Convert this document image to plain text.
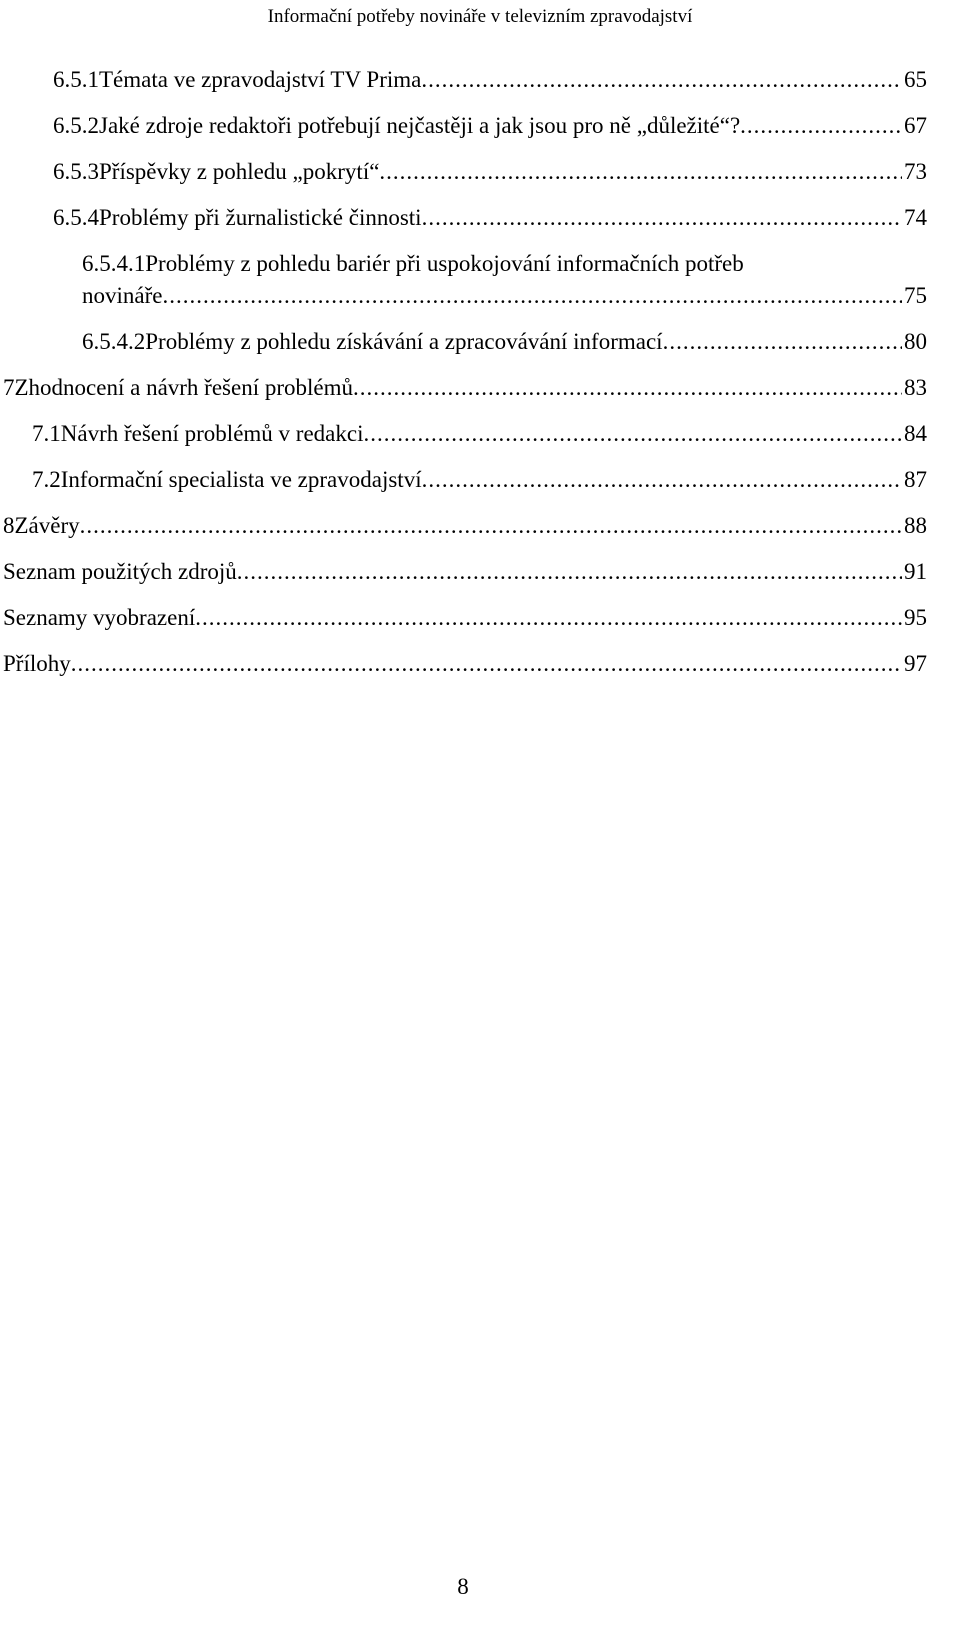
Informační potřeby novináře v televizním zpravodajství
6.5.1Témata ve zpravodajství TV Prima .....	65
6.5.2Jaké zdroje redaktoři potřebují nejčastěji a jak jsou pro ně „důležité“? .....	67
6.5.3Příspěvky z pohledu „pokrytí“ .....	73
6.5.4Problémy při žurnalistické činnosti .....	74
6.5.4.1Problémy z pohledu bariér při uspokojování informačních potřeb
novináře .....	75
6.5.4.2Problémy z pohledu získávání a zpracovávání informací .....	80
7Zhodnocení a návrh řešení problémů .....	83
7.1Návrh řešení problémů v redakci .....	84
7.2Informační specialista ve zpravodajství .....	87
8Závěry .....	88
Seznam použitých zdrojů .....	91
Seznamy vyobrazení .....	95
Přílohy .....	97
8
